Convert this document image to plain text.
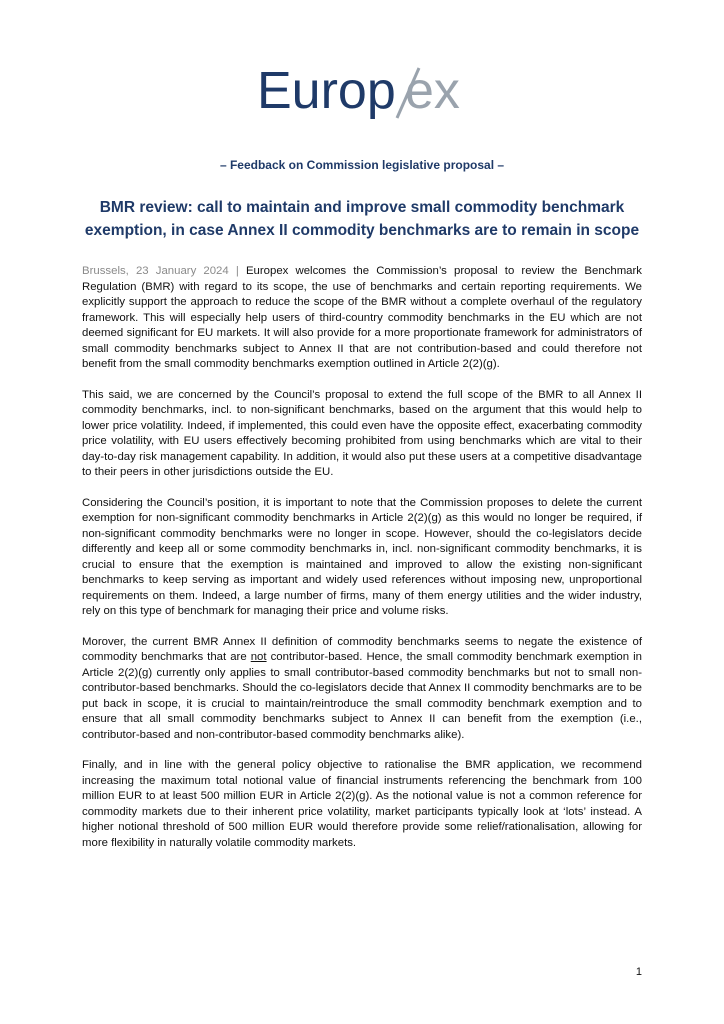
Europ ex
– Feedback on Commission legislative proposal –
BMR review: call to maintain and improve small commodity benchmark
exemption, in case Annex II commodity benchmarks are to remain in scope

Brussels, 23 January 2024 | Europex welcomes the Commission’s proposal to review the Benchmark Regulation (BMR) with regard to its scope, the use of benchmarks and certain reporting requirements. We explicitly support the approach to reduce the scope of the BMR without a complete overhaul of the regulatory framework. This will especially help users of third-country commodity benchmarks in the EU which are not deemed significant for EU markets. It will also provide for a more proportionate framework for administrators of small commodity benchmarks subject to Annex II that are not contribution-based and could therefore not benefit from the small commodity benchmarks exemption outlined in Article 2(2)(g).

This said, we are concerned by the Council’s proposal to extend the full scope of the BMR to all Annex II commodity benchmarks, incl. to non-significant benchmarks, based on the argument that this would help to lower price volatility. Indeed, if implemented, this could even have the opposite effect, exacerbating commodity price volatility, with EU users effectively becoming prohibited from using benchmarks which are vital to their day-to-day risk management capability. In addition, it would also put these users at a competitive disadvantage to their peers in other jurisdictions outside the EU.

Considering the Council’s position, it is important to note that the Commission proposes to delete the current exemption for non-significant commodity benchmarks in Article 2(2)(g) as this would no longer be required, if non-significant commodity benchmarks were no longer in scope. However, should the co-legislators decide differently and keep all or some commodity benchmarks in, incl. non-significant commodity benchmarks, it is crucial to ensure that the exemption is maintained and improved to allow the existing non-significant benchmarks to keep serving as important and widely used references without imposing new, unproportional requirements on them. Indeed, a large number of firms, many of them energy utilities and the wider industry, rely on this type of benchmark for managing their price and volume risks.

Morover, the current BMR Annex II definition of commodity benchmarks seems to negate the existence of commodity benchmarks that are not contributor-based. Hence, the small commodity benchmark exemption in Article 2(2)(g) currently only applies to small contributor-based commodity benchmarks but not to small non-contributor-based benchmarks. Should the co-legislators decide that Annex II commodity benchmarks are to be put back in scope, it is crucial to maintain/reintroduce the small commodity benchmark exemption and to ensure that all small commodity benchmarks subject to Annex II can benefit from the exemption (i.e., contributor-based and non-contributor-based commodity benchmarks alike).

Finally, and in line with the general policy objective to rationalise the BMR application, we recommend increasing the maximum total notional value of financial instruments referencing the benchmark from 100 million EUR to at least 500 million EUR in Article 2(2)(g). As the notional value is not a common reference for commodity markets due to their inherent price volatility, market participants typically look at ‘lots’ instead. A higher notional threshold of 500 million EUR would therefore provide some relief/rationalisation, allowing for more flexibility in naturally volatile commodity markets.

1
